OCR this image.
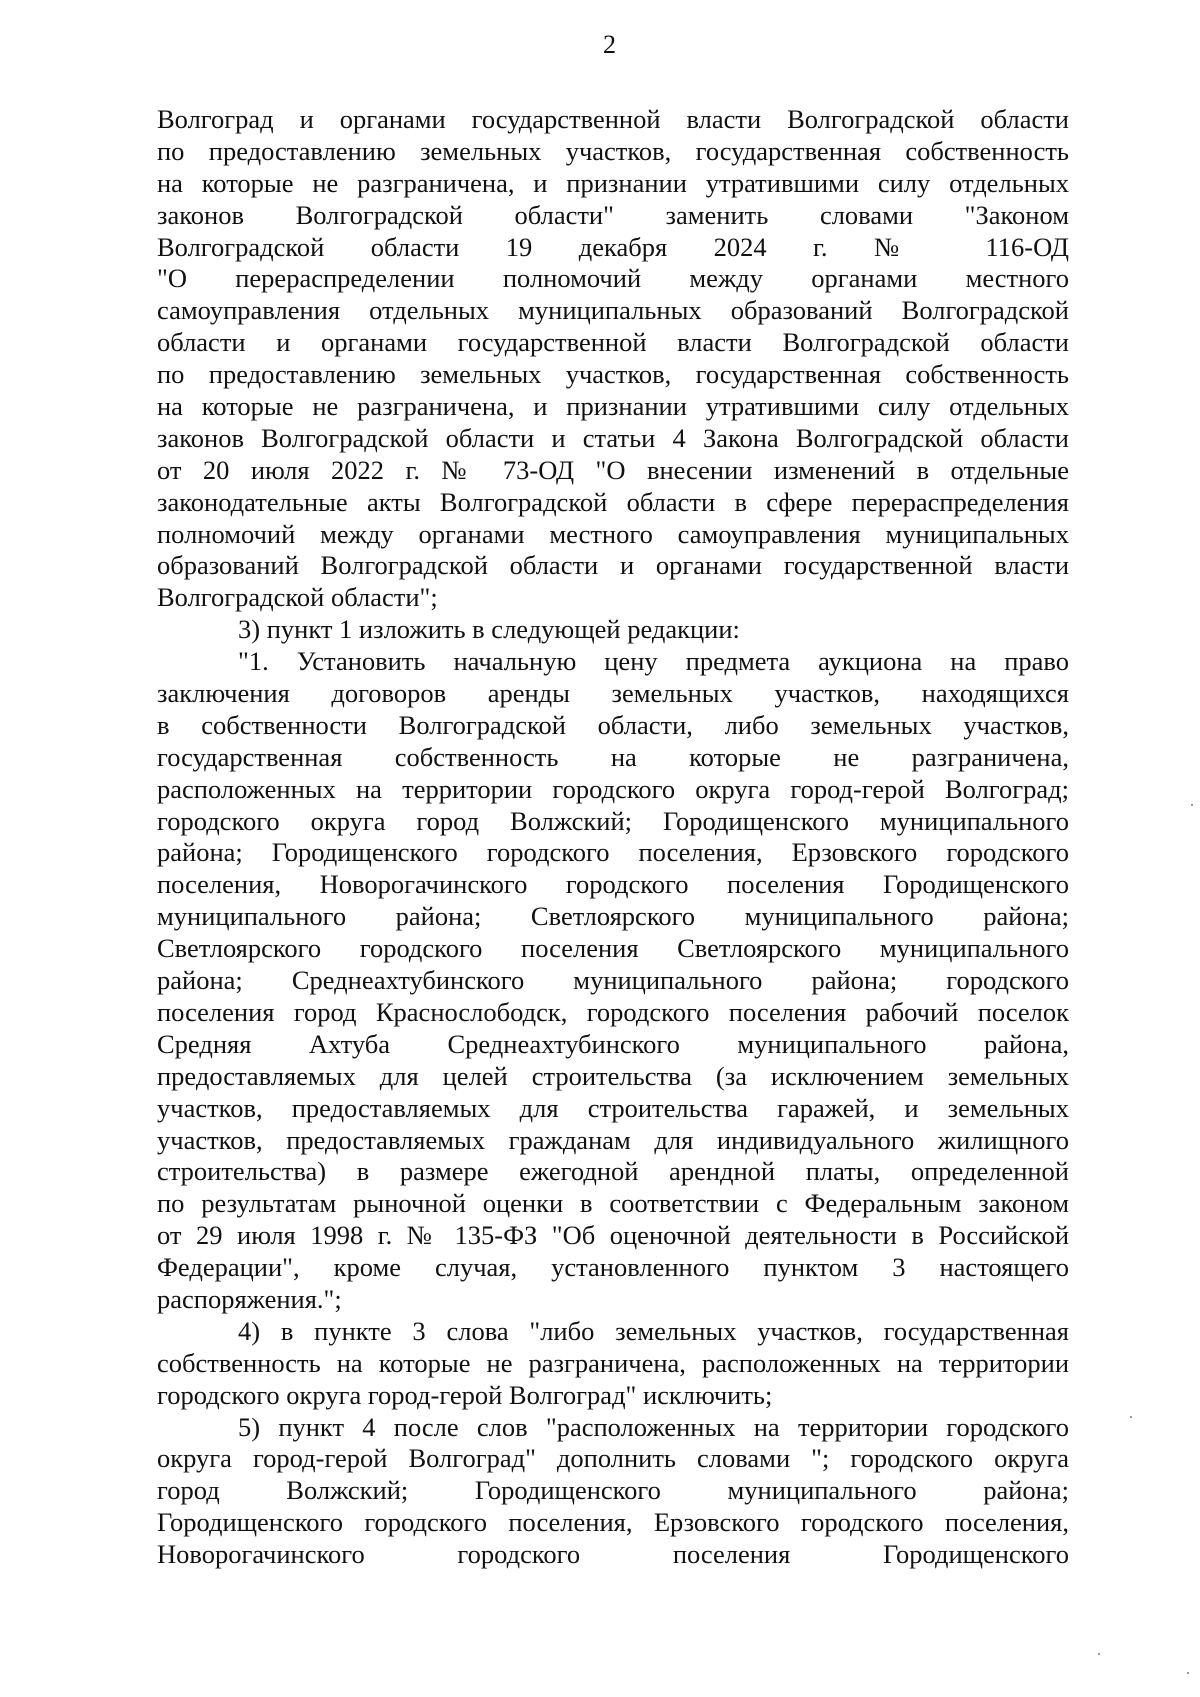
2
Волгоград и органами государственной власти Волгоградской области
по предоставлению земельных участков, государственная собственность
на которые не разграничена, и признании утратившими силу отдельных
законов Волгоградской области" заменить словами "Законом
Волгоградской области 19 декабря 2024 г. № 116-ОД
"О перераспределении полномочий между органами местного
самоуправления отдельных муниципальных образований Волгоградской
области и органами государственной власти Волгоградской области
по предоставлению земельных участков, государственная собственность
на которые не разграничена, и признании утратившими силу отдельных
законов Волгоградской области и статьи 4 Закона Волгоградской области
от 20 июля 2022 г. № 73-ОД "О внесении изменений в отдельные
законодательные акты Волгоградской области в сфере перераспределения
полномочий между органами местного самоуправления муниципальных
образований Волгоградской области и органами государственной власти
Волгоградской области";
3) пункт 1 изложить в следующей редакции:
"1. Установить начальную цену предмета аукциона на право
заключения договоров аренды земельных участков, находящихся
в собственности Волгоградской области, либо земельных участков,
государственная собственность на которые не разграничена,
расположенных на территории городского округа город-герой Волгоград;
городского округа город Волжский; Городищенского муниципального
района; Городищенского городского поселения, Ерзовского городского
поселения, Новорогачинского городского поселения Городищенского
муниципального района; Светлоярского муниципального района;
Светлоярского городского поселения Светлоярского муниципального
района; Среднеахтубинского муниципального района; городского
поселения город Краснослободск, городского поселения рабочий поселок
Средняя Ахтуба Среднеахтубинского муниципального района,
предоставляемых для целей строительства (за исключением земельных
участков, предоставляемых для строительства гаражей, и земельных
участков, предоставляемых гражданам для индивидуального жилищного
строительства) в размере ежегодной арендной платы, определенной
по результатам рыночной оценки в соответствии с Федеральным законом
от 29 июля 1998 г. № 135-ФЗ "Об оценочной деятельности в Российской
Федерации", кроме случая, установленного пунктом 3 настоящего
распоряжения.";
4) в пункте 3 слова "либо земельных участков, государственная
собственность на которые не разграничена, расположенных на территории
городского округа город-герой Волгоград" исключить;
5) пункт 4 после слов "расположенных на территории городского
округа город-герой Волгоград" дополнить словами "; городского округа
город Волжский; Городищенского муниципального района;
Городищенского городского поселения, Ерзовского городского поселения,
Новорогачинского городского поселения Городищенского
